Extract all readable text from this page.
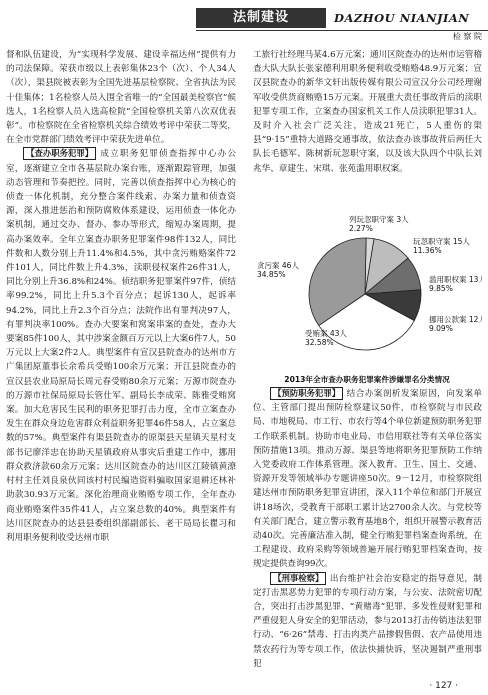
法制建设	DAZHOU NIANJIAN
检 察 院

督和队伍建设，为“实现科学发展、建设幸福达州”提供有力的司法保障。荣获市级以上表彰集体23个（次）、个人34人（次），渠县院被表彰为全国先进基层检察院、全省执法为民十佳集体；1名检察人员入围全省唯一的“全国最美检察官”候选人，1名检察人员入选高检院“全国检察机关第八次双优表彰”。市检察院在全省检察机关综合绩效考评中荣获二等奖，在全市党群部门绩效考评中荣获先进单位。

【查办职务犯罪】 成立职务犯罪侦查指挥中心办公室，逐渐建立全市各基层院办案台账，逐渐跟踪管理，加强动态管理和节奏把控。同时，完善以侦查指挥中心为核心的侦查一体化机制，充分整合案件线索、办案力量和侦查资源，深入推进惩治和预防腐败体系建设，运用侦查一体化办案机制，通过交办、督办、参办等形式，缩短办案周期，提高办案效率。全年立案查办职务犯罪案件98件132人，同比件数和人数分别上升11.4%和4.5%，其中贪污贿赂案件72件101人，同比件数上升4.3%，渎职侵权案件26件31人，同比分别上升36.8%和24%。侦结职务犯罪案件97件，侦结率99.2%，同比上升5.3个百分点；起诉130人，起诉率94.2%，同比上升2.3个百分点；法院作出有罪判决97人，有罪判决率100%。查办大要案和窝案串案的查处，查办大要案85件100人，其中涉案金额百万元以上大案6件7人，50万元以上大案2件2人。典型案件有宣汉县院查办的达州市方广集团原董事长余希兵受贿100余万元案；开江县院查办的宣汉县农业局原局长周元春受贿80余万元案；万源市院查办的万源市社保局原局长管仕军、副局长李成荣、陈雅受贿窝案。加大危害民生民利的职务犯罪打击力度，全市立案查办发生在群众身边危害群众利益职务犯罪46件58人，占立案总数的57%。典型案件有渠县院查办的原渠县天星镇天星村支部书记廖洋忠在协助天星镇政府从事灾后重建工作中，挪用群众救济款60余万元案；达川区院查办的达川区江陵镇黄潦村村主任刘良泉伙同该村村民编造资料骗取国家退耕还林补助款30.93万元案。深化治理商业贿赂专项工作，全年查办商业贿赂案件35件41人，占立案总数的40%。典型案件有达川区院查办的达县县委组织部副部长、老干局局长瞿习和利用职务便利收受达州市职

工旅行社经理马某4.6万元案；通川区院查办的达州市运管稽查大队大队长张家德利用职务便利收受贿赂48.9万元案；宣汉县院查办的新华文轩出版传媒有限公司宣汉分公司经理谢军收受供货商贿赂15万元案。开展重大责任事故背后的渎职犯罪专项工作，立案查办国家机关工作人员渎职犯罪31人。及时介入社会广泛关注，造成21死亡，5人重伤的渠县“9·15”重特大道路交通事故，依法查办该事故背后两任大队长毛德军、陈树新玩忽职守案，以及该大队四个中队长刘兆华、章建生、宋琪、张苑滥用职权案。

列玩忽职守案 3人
2.27%
玩忽职守案 15人
11.36%
滥用职权案 13人
9.85%
挪用公款案 12人
9.09%
受贿案 43人
32.58%
贪污案 46人
34.85%
2013年全市查办职务犯罪案件涉嫌罪名分类情况

【预防职务犯罪】 结合办案剖析发案原因，向发案单位、主管部门提出预防检察建议50件，市检察院与市民政局、市地税局、市工行、市农行等4个单位新建预防职务犯罪工作联系机制。协助市电业局、市信用联社等有关单位落实预防措施13项。推动万源、渠县等地将职务犯罪预防工作纳入党委政府工作体系管理。深入教育、卫生、国土、交通、资源开发等领域举办专题讲座50次。9－12月，市检察院组建达州市预防职务犯罪宣讲团，深入11个单位和部门开展宣讲18场次，受教育干部职工累计达2700余人次。与党校等有关部门配合，建立警示教育基地8个，组织开展警示教育活动40次。完善廉洁准入制，健全行贿犯罪档案查询系统，在工程建设、政府采购等领域普遍开展行贿犯罪档案查询，按规定提供查询99次。

【刑事检察】 出台维护社会治安稳定的指导意见，制定打击黑恶势力犯罪的专项行动方案，与公安、法院密切配合，突出打击涉黑犯罪、“黄赌毒”犯罪、多发性侵财犯罪和严重侵犯人身安全的犯罪活动，参与2013打击传销违法犯罪行动、“6·26”禁毒、打击肉类产品掺假售假、农产品使用违禁农药行为等专项工作，依法快捕快诉，坚决遏制严重刑事犯

· 127 ·
